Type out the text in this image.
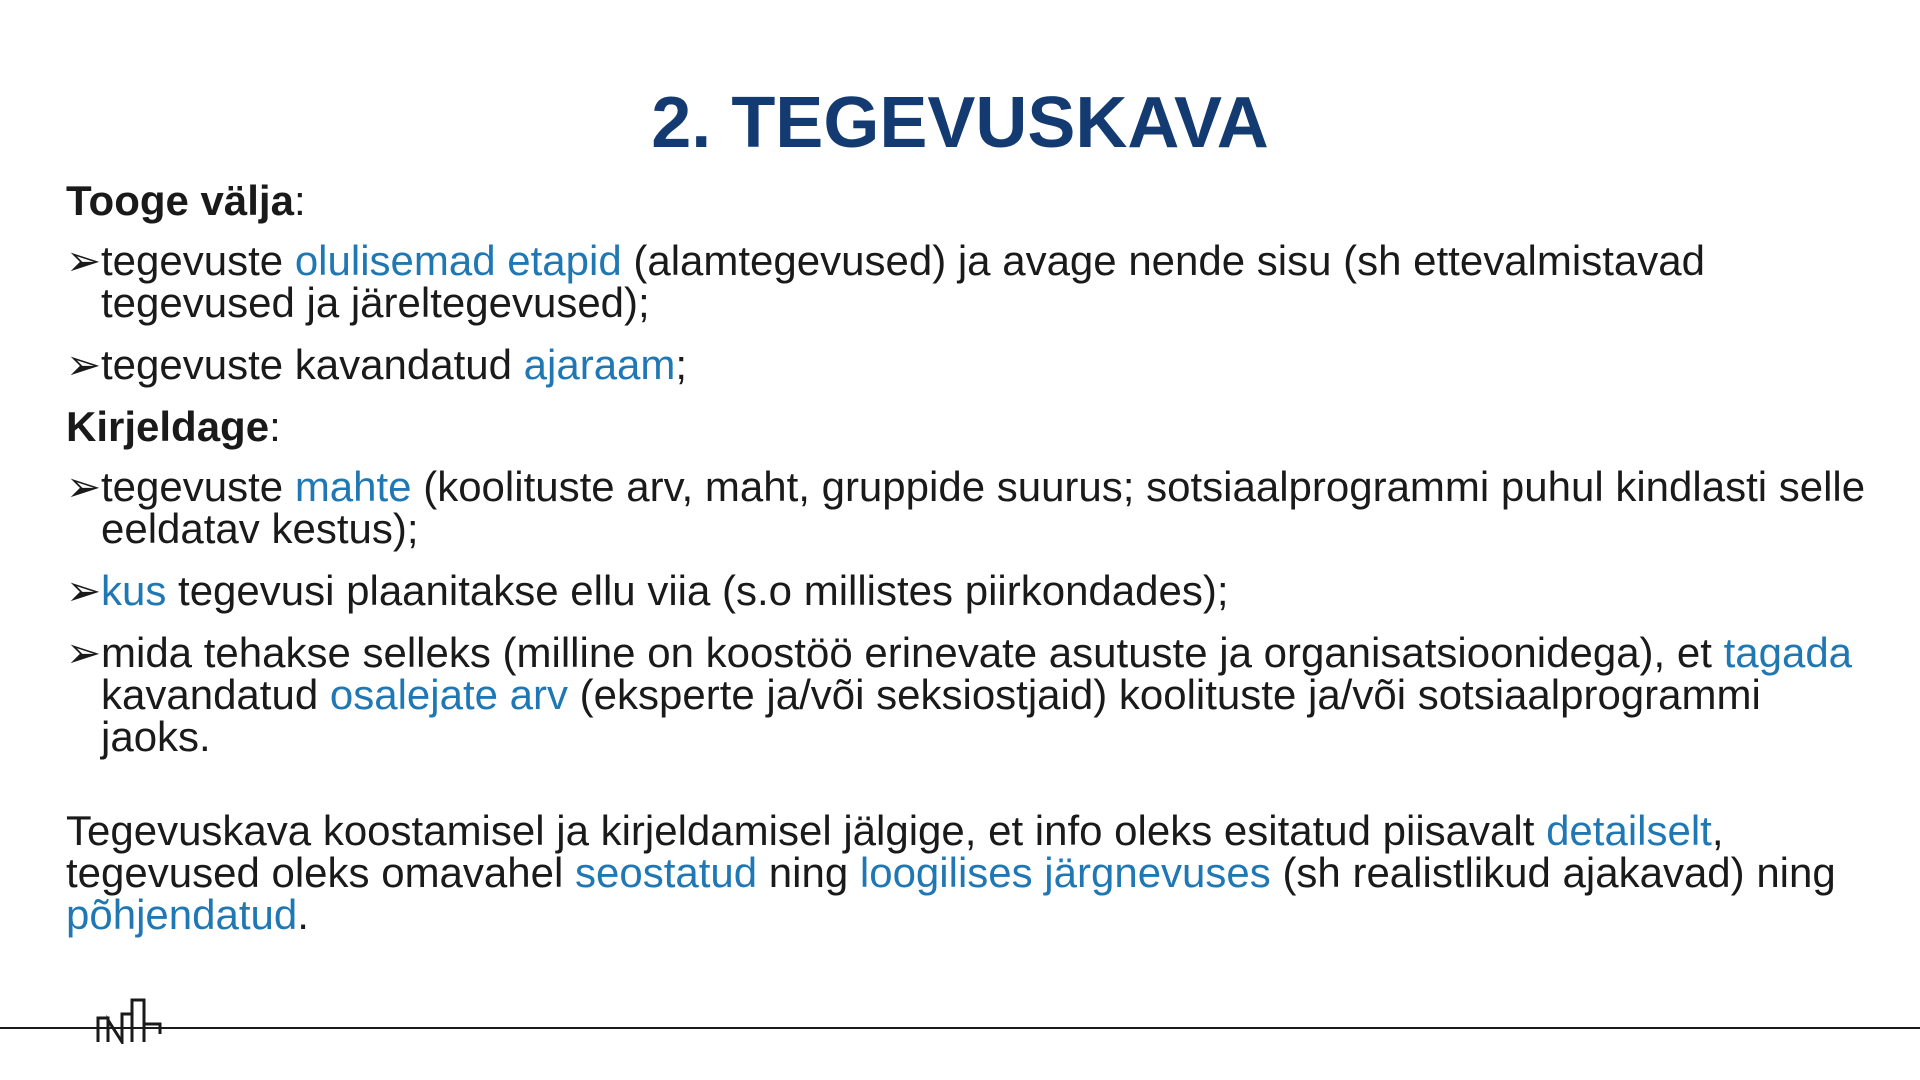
2. TEGEVUSKAVA

Tooge välja:

➢ tegevuste olulisemad etapid (alamtegevused) ja avage nende sisu (sh ettevalmistavad tegevused ja järeltegevused);

➢ tegevuste kavandatud ajaraam;

Kirjeldage:

➢ tegevuste mahte (koolituste arv, maht, gruppide suurus; sotsiaalprogrammi puhul kindlasti selle eeldatav kestus);

➢ kus tegevusi plaanitakse ellu viia (s.o millistes piirkondades);

➢ mida tehakse selleks (milline on koostöö erinevate asutuste ja organisatsioonidega), et tagada kavandatud osalejate arv (eksperte ja/või seksiostjaid) koolituste ja/või sotsiaalprogrammi jaoks.

Tegevuskava koostamisel ja kirjeldamisel jälgige, et info oleks esitatud piisavalt detailselt, tegevused oleks omavahel seostatud ning loogilises järgnevuses (sh realistlikud ajakavad) ning põhjendatud.
